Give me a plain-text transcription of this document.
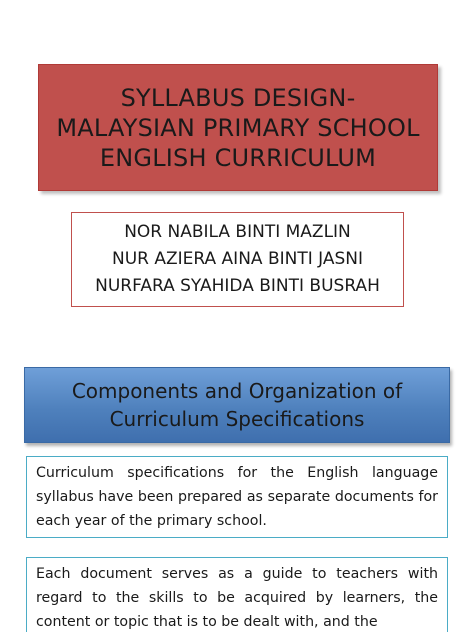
SYLLABUS DESIGN-
MALAYSIAN PRIMARY SCHOOL
ENGLISH CURRICULUM
NOR NABILA BINTI MAZLIN
NUR AZIERA AINA BINTI JASNI
NURFARA SYAHIDA BINTI BUSRAH
Components and Organization of
Curriculum Specifications
Curriculum specifications for the English language syllabus have been prepared as separate documents for each year of the primary school.
Each document serves as a guide to teachers with regard to the skills to be acquired by learners, the content or topic that is to be dealt with, and the
